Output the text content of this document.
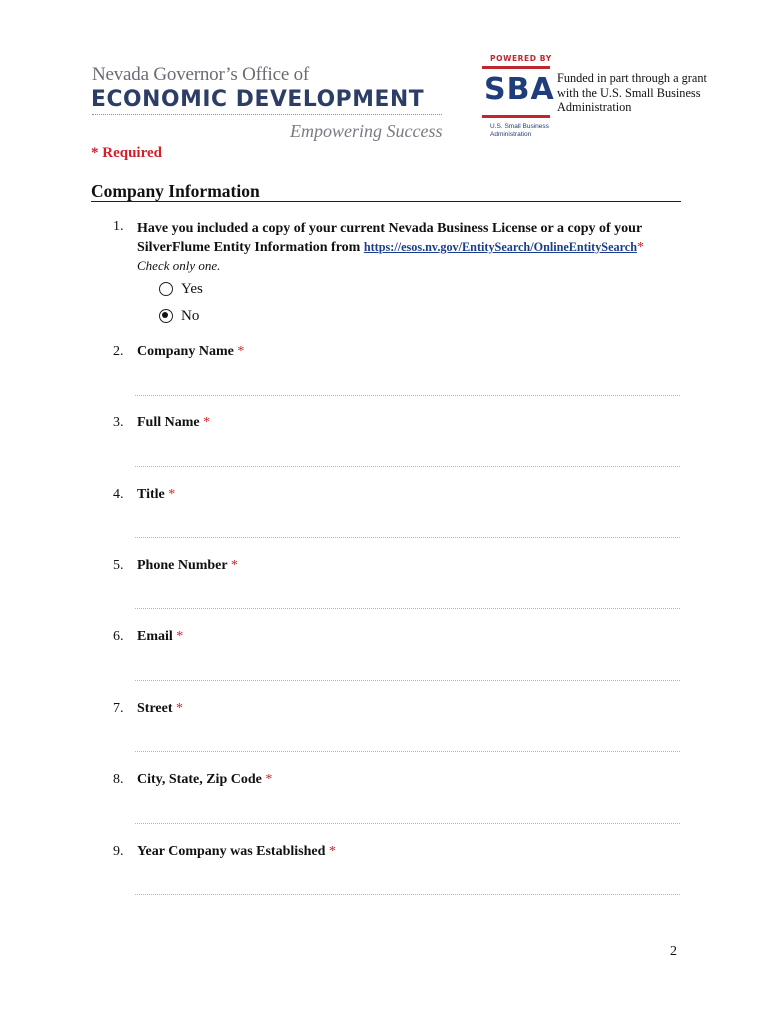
Nevada Governor’s Office of
ECONOMIC DEVELOPMENT
Empowering Success
POWERED BY
SBA
U.S. Small Business Administration
Funded in part through a grant with the U.S. Small Business Administration
* Required
Company Information
1. Have you included a copy of your current Nevada Business License or a copy of your SilverFlume Entity Information from https://esos.nv.gov/EntitySearch/OnlineEntitySearch*
Check only one.
Yes
No
2. Company Name *
3. Full Name *
4. Title *
5. Phone Number *
6. Email *
7. Street *
8. City, State, Zip Code *
9. Year Company was Established *
2
